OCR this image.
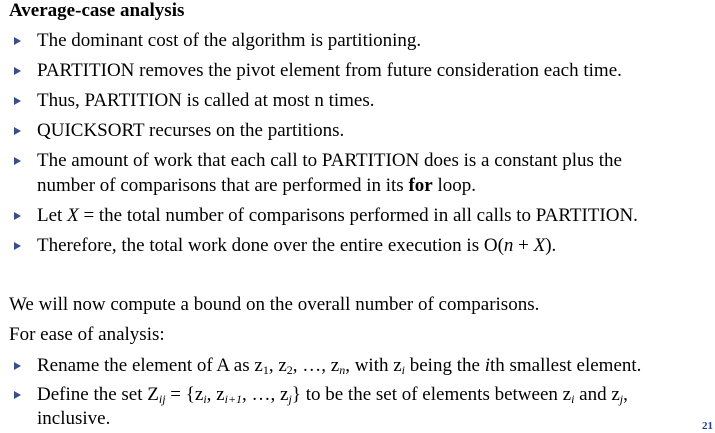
Average-case analysis
The dominant cost of the algorithm is partitioning.
PARTITION removes the pivot element from future consideration each time.
Thus, PARTITION is called at most n times.
QUICKSORT recurses on the partitions.
The amount of work that each call to PARTITION does is a constant plus the
number of comparisons that are performed in its for loop.
Let X = the total number of comparisons performed in all calls to PARTITION.
Therefore, the total work done over the entire execution is O(n + X).
We will now compute a bound on the overall number of comparisons.
For ease of analysis:
Rename the element of A as $z_1$, $z_2$, …, $z_n$, with $z_i$ being the ith smallest element.
Define the set $Z_{ij} = \{z_i$, $z_{i+1}$, …, $z_j$} to be the set of elements between $z_i$ and $z_j$,
inclusive.	21
